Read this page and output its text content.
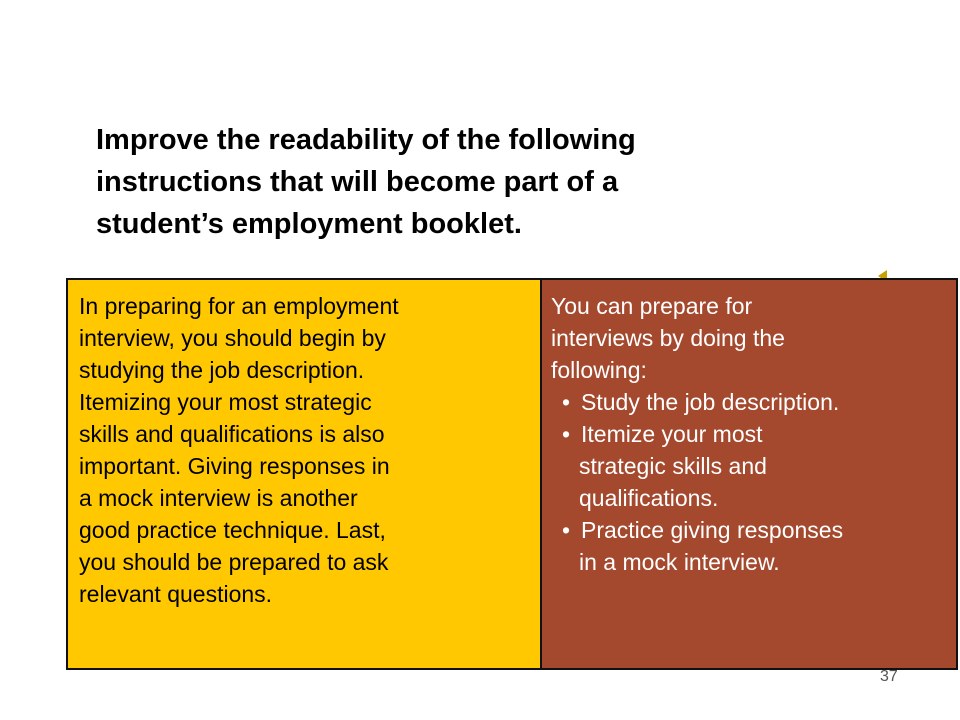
Improve the readability of the following
instructions that will become part of a
student’s employment booklet.
In preparing for an employment
interview, you should begin by
studying the job description.
Itemizing your most strategic
skills and qualifications is also
important. Giving responses in
a mock interview is another
good practice technique. Last,
you should be prepared to ask
relevant questions.
You can prepare for
interviews by doing the
following:
• Study the job description.
• Itemize your most
strategic skills and
qualifications.
• Practice giving responses
in a mock interview.
37
